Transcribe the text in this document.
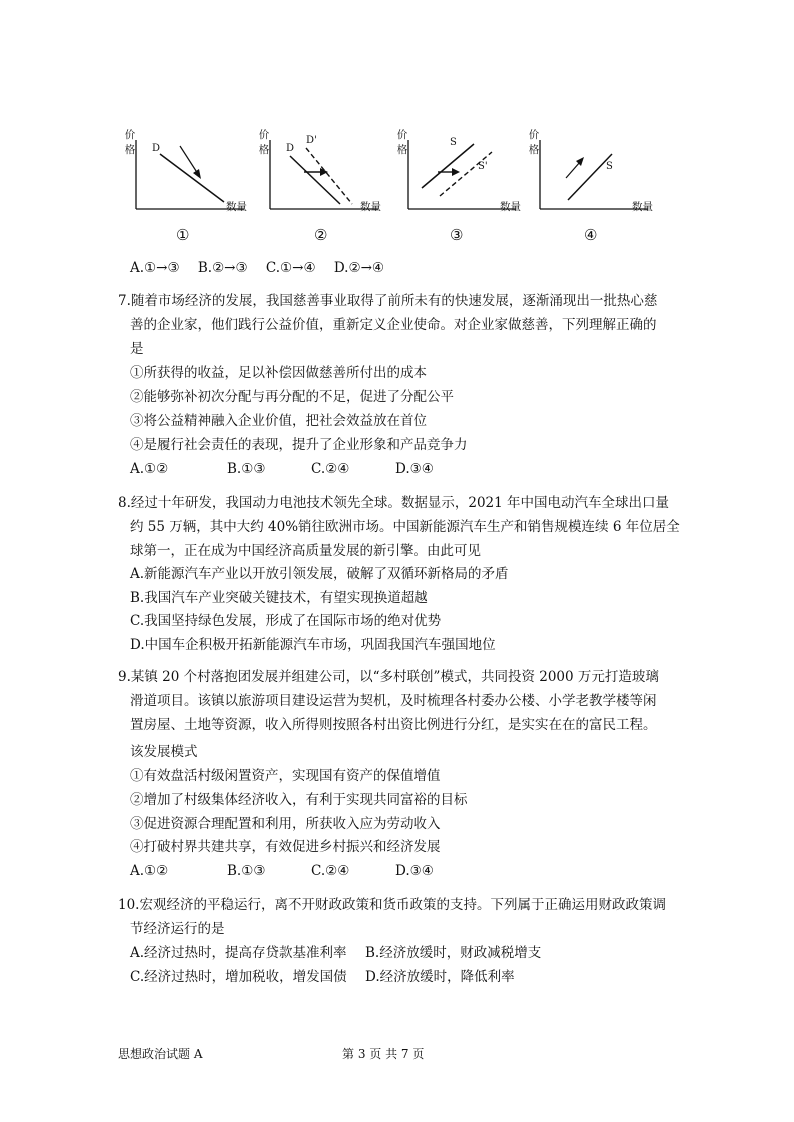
价
格 D
数量
①
价
格 D
D'
数量
②
价
格
S
S'
数量
③
价
格
S
数量
④
A.①→③ B.②→③ C.①→④ D.②→④
7.随着市场经济的发展，我国慈善事业取得了前所未有的快速发展，逐渐涌现出一批热心慈
善的企业家，他们践行公益价值，重新定义企业使命。对企业家做慈善，下列理解正确的
是
①所获得的收益，足以补偿因做慈善所付出的成本
②能够弥补初次分配与再分配的不足，促进了分配公平
③将公益精神融入企业价值，把社会效益放在首位
④是履行社会责任的表现，提升了企业形象和产品竞争力
A.①②	B.①③	C.②④	D.③④
8.经过十年研发，我国动力电池技术领先全球。数据显示，2021 年中国电动汽车全球出口量
约 55 万辆，其中大约 40%销往欧洲市场。中国新能源汽车生产和销售规模连续 6 年位居全
球第一，正在成为中国经济高质量发展的新引擎。由此可见
A.新能源汽车产业以开放引领发展，破解了双循环新格局的矛盾
B.我国汽车产业突破关键技术，有望实现换道超越
C.我国坚持绿色发展，形成了在国际市场的绝对优势
D.中国车企积极开拓新能源汽车市场，巩固我国汽车强国地位
9.某镇 20 个村落抱团发展并组建公司，以“多村联创”模式，共同投资 2000 万元打造玻璃
滑道项目。该镇以旅游项目建设运营为契机，及时梳理各村委办公楼、小学老教学楼等闲
置房屋、土地等资源，收入所得则按照各村出资比例进行分红，是实实在在的富民工程。
该发展模式
①有效盘活村级闲置资产，实现国有资产的保值增值
②增加了村级集体经济收入，有利于实现共同富裕的目标
③促进资源合理配置和利用，所获收入应为劳动收入
④打破村界共建共享，有效促进乡村振兴和经济发展
A.①②	B.①③	C.②④	D.③④
10.宏观经济的平稳运行，离不开财政政策和货币政策的支持。下列属于正确运用财政政策调
节经济运行的是
A.经济过热时，提高存贷款基准利率 B.经济放缓时，财政减税增支
C.经济过热时，增加税收，增发国债 D.经济放缓时，降低利率
思想政治试题 A	第 3 页 共 7 页
